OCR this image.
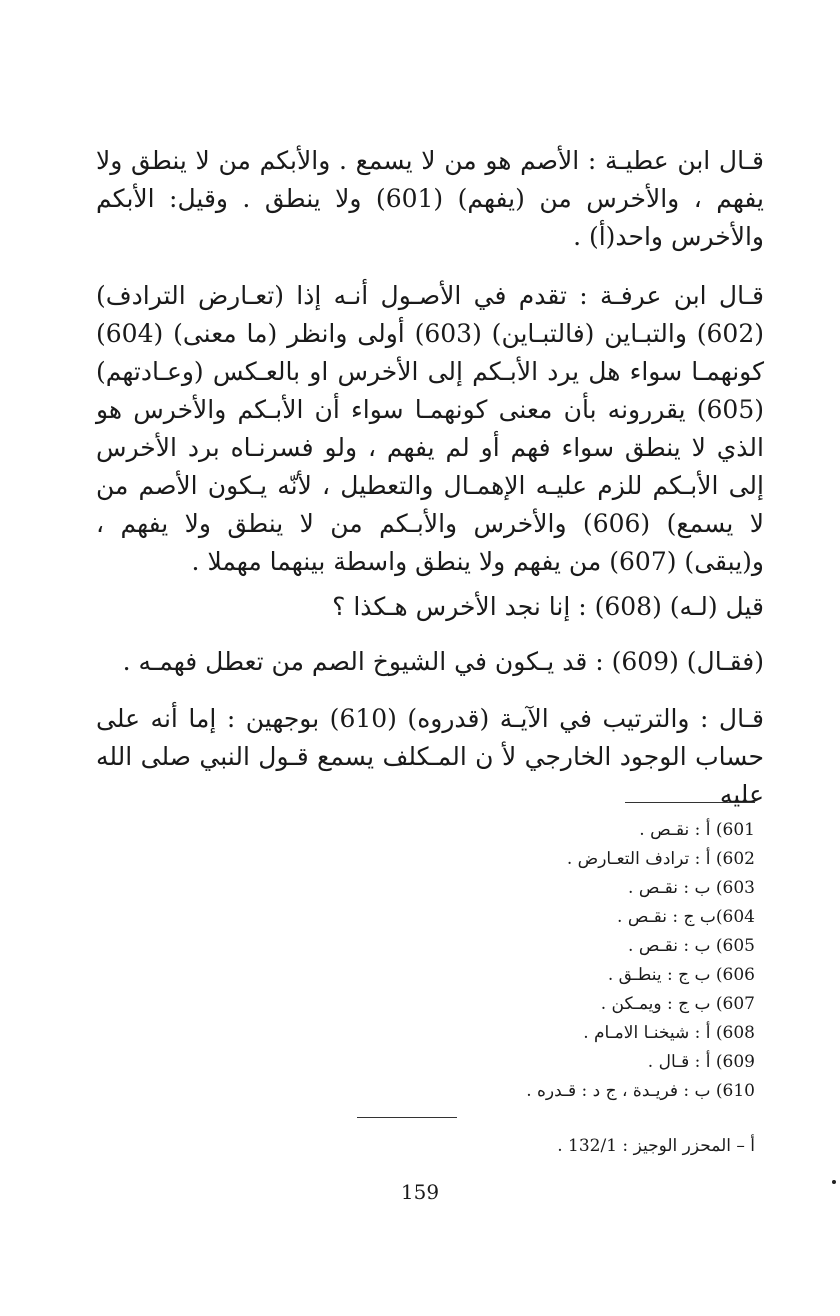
قـال ابن عطيـة : الأصم هو من لا يسمع . والأبكم من لا ينطق ولا يفهم ، والأخرس من (يفهم) (601) ولا ينطق . وقيل: الأبكم والأخرس واحد(أ) .

قـال ابن عرفـة : تقدم في الأصـول أنـه إذا (تعـارض الترادف) (602) والتبـاين (فالتبـاين) (603) أولى وانظر (ما معنى) (604) كونهمـا سواء هل يرد الأبـكم إلى الأخرس او بالعـكس (وعـادتهم) (605) يقررونه بأن معنى كونهمـا سواء أن الأبـكم والأخرس هو الذي لا ينطق سواء فهم أو لم يفهم ، ولو فسرنـاه برد الأخرس إلى الأبـكم للزم عليـه الإهمـال والتعطيل ، لأنّه يـكون الأصم من لا يسمع) (606) والأخرس والأبـكم من لا ينطق ولا يفهم ، و(يبقى) (607) من يفهم ولا ينطق واسطة بينهما مهملا .

قيل (لـه) (608) : إنا نجد الأخرس هـكذا ؟

(فقـال) (609) : قد يـكون في الشيوخ الصم من تعطل فهمـه .

قـال : والترتيب في الآيـة (قدروه) (610) بوجهين : إما أنه على حساب الوجود الخارجي لأ ن المـكلف يسمع قـول النبي صلى الله عليه

601) أ : نقـص .
602) أ : ترادف التعـارض .
603) ب : نقـص .
604)ب ج : نقـص .
605) ب : نقـص .
606) ب ج : ينطـق .
607) ب ج : ويمـكن .
608) أ : شيخنـا الامـام .
609) أ : قـال .
610) ب : فريـدة ، ج د : قـدره .
أ – المحزر الوجيز : 132/1 .
159
